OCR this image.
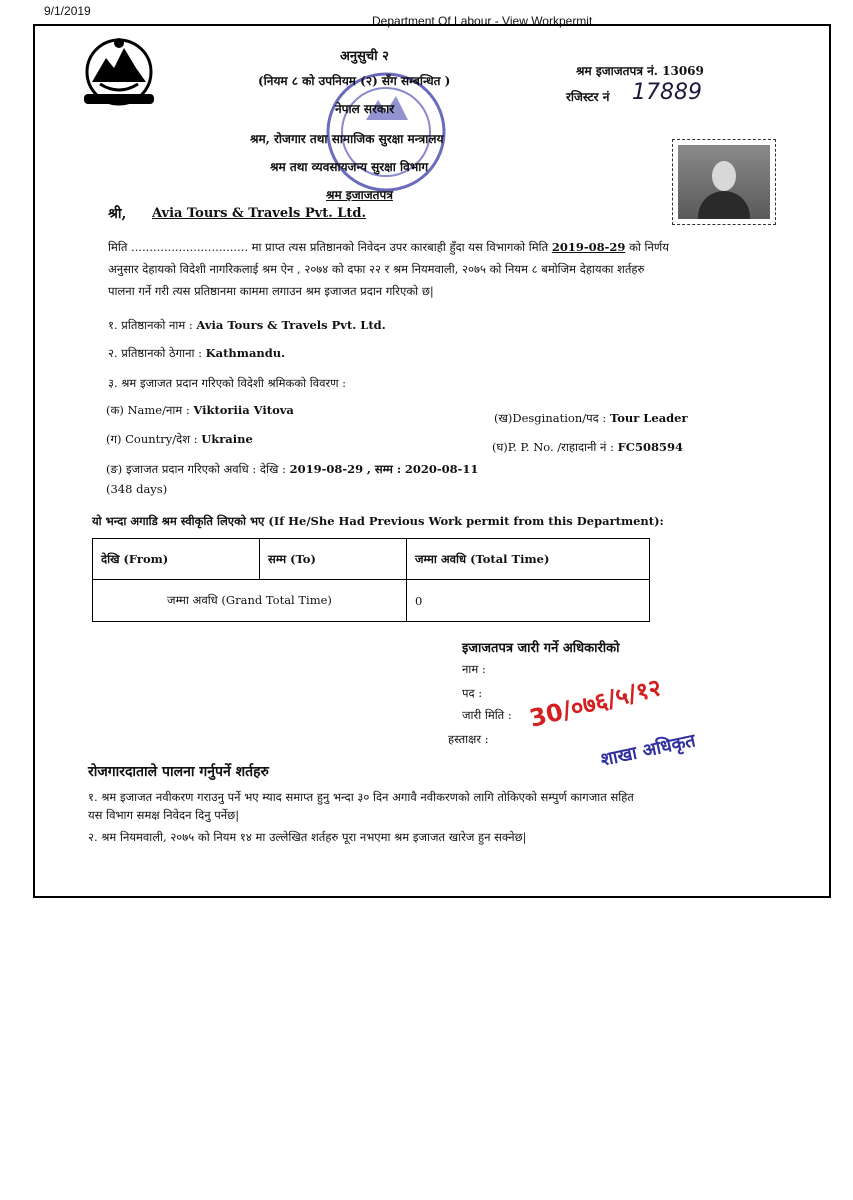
9/1/2019
Department Of Labour - View Workpermit
अनुसुची २
(नियम ८ को उपनियम (२) सँग सम्बन्धित )
नेपाल सरकार
श्रम, रोजगार तथा सामाजिक सुरक्षा मन्त्रालय
श्रम तथा व्यवसायजन्य सुरक्षा विभाग
श्रम इजाजतपत्र
श्रम इजाजतपत्र नं. 13069
रजिस्टर नं 17889
श्री, Avia Tours & Travels Pvt. Ltd.
मिति ................................ मा प्राप्त त्यस प्रतिष्ठानको निवेदन उपर कारबाही हुँदा यस विभागको मिति 2019-08-29 को निर्णय
अनुसार देहायको विदेशी नागरिकलाई श्रम ऐन , २०७४ को दफा २२ र श्रम नियमवाली, २०७५ को नियम ८ बमोजिम देहायका शर्तहरु
पालना गर्ने गरी त्यस प्रतिष्ठानमा काममा लगाउन श्रम इजाजत प्रदान गरिएको छ|
१. प्रतिष्ठानको नाम : Avia Tours & Travels Pvt. Ltd.
२. प्रतिष्ठानको ठेगाना : Kathmandu.
३. श्रम इजाजत प्रदान गरिएको विदेशी श्रमिकको विवरण :
(क) Name/नाम : Viktoriia Vitova
(ख)Desgination/पद : Tour Leader
(ग) Country/देश : Ukraine
(घ)P. P. No. /राहादानी नं : FC508594
(ङ) इजाजत प्रदान गरिएको अवधि : देखि : 2019-08-29 , सम्म : 2020-08-11
(348 days)
यो भन्दा अगाडि श्रम स्वीकृति लिएको भए (If He/She Had Previous Work permit from this Department):
देखि (From)	सम्म (To)	जम्मा अवधि (Total Time)
जम्मा अवधि (Grand Total Time)		0
इजाजतपत्र जारी गर्ने अधिकारीको
नाम :
पद :
जारी मिति :
हस्ताक्षर :
30/०७६/५/१२
शाखा अधिकृत
रोजगारदाताले पालना गर्नुपर्ने शर्तहरु
१. श्रम इजाजत नवीकरण गराउनु पर्ने भए म्याद समाप्त हुनु भन्दा ३० दिन अगावै नवीकरणको लागि तोकिएको सम्पुर्ण कागजात सहित
यस विभाग समक्ष निवेदन दिनु पर्नेछ|
२. श्रम नियमवाली, २०७५ को नियम १४ मा उल्लेखित शर्तहरु पूरा नभएमा श्रम इजाजत खारेज हुन सक्नेछ|
